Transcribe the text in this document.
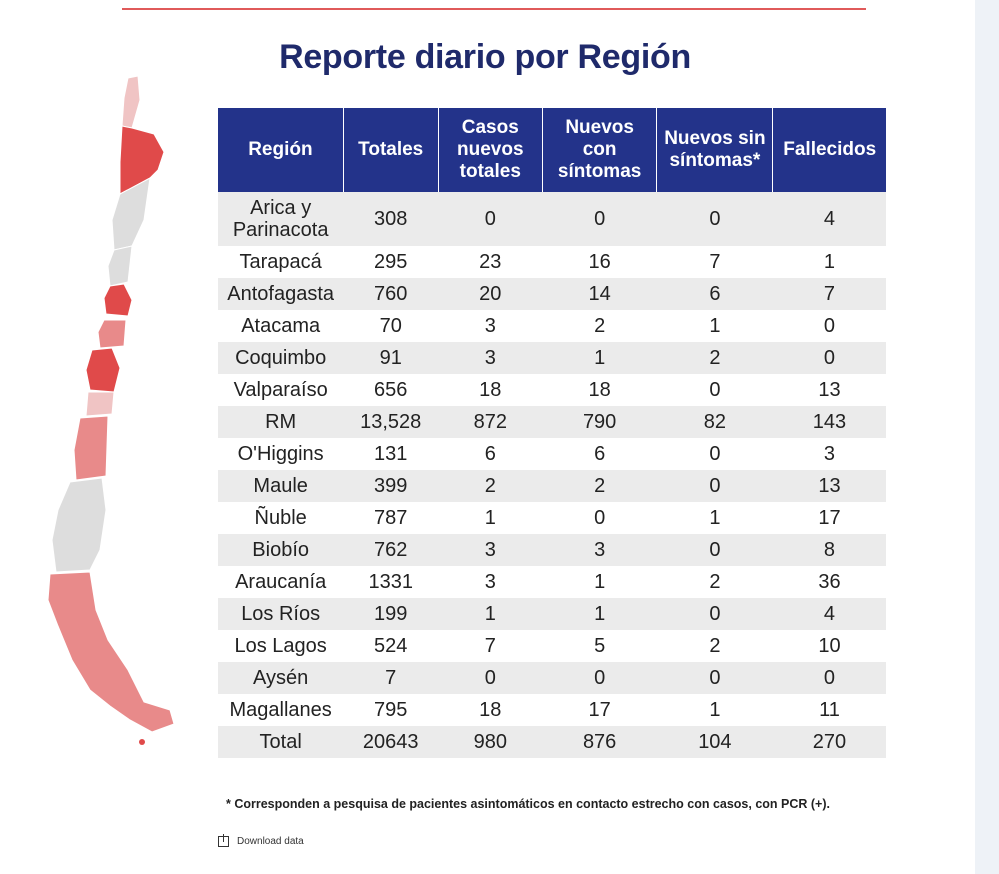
Reporte diario por Región
Región	Totales	Casos nuevos totales	Nuevos con síntomas	Nuevos sin síntomas*	Fallecidos
Arica y Parinacota	308	0	0	0	4
Tarapacá	295	23	16	7	1
Antofagasta	760	20	14	6	7
Atacama	70	3	2	1	0
Coquimbo	91	3	1	2	0
Valparaíso	656	18	18	0	13
RM	13,528	872	790	82	143
O'Higgins	131	6	6	0	3
Maule	399	2	2	0	13
Ñuble	787	1	0	1	17
Biobío	762	3	3	0	8
Araucanía	1331	3	1	2	36
Los Ríos	199	1	1	0	4
Los Lagos	524	7	5	2	10
Aysén	7	0	0	0	0
Magallanes	795	18	17	1	11
Total	20643	980	876	104	270
* Corresponden a pesquisa de pacientes asintomáticos en contacto estrecho con casos, con PCR (+).
Download data
